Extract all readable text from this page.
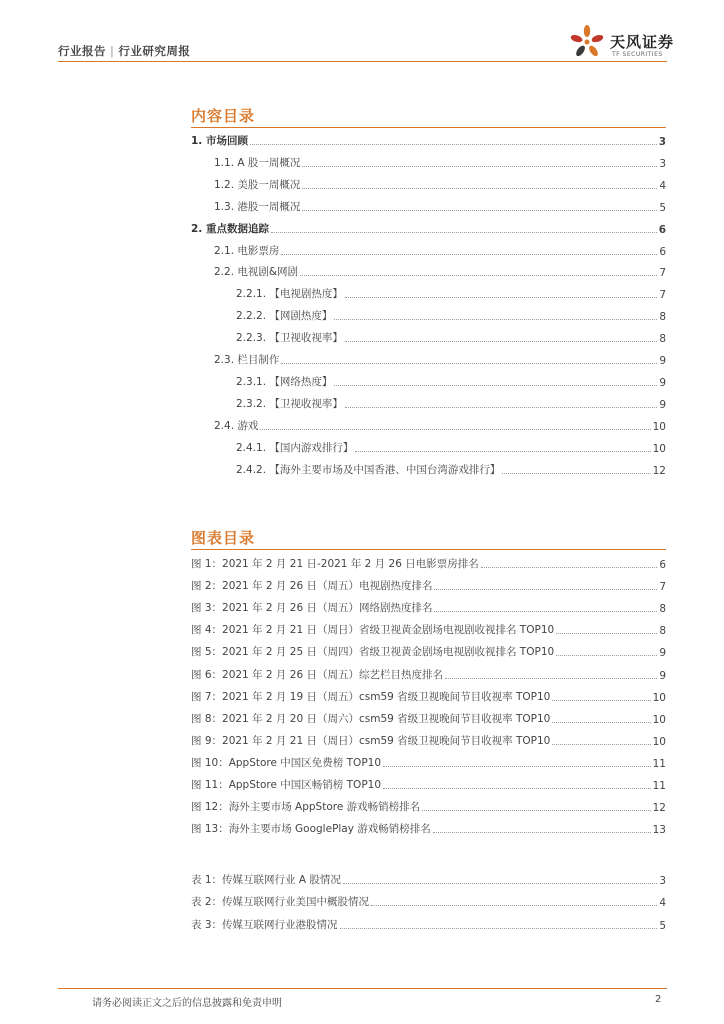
行业报告 | 行业研究周报	天风证券
TF SECURITIES
内容目录
1. 市场回顾	3
1.1. A 股一周概况	3
1.2. 美股一周概况	4
1.3. 港股一周概况	5
2. 重点数据追踪	6
2.1. 电影票房	6
2.2. 电视剧&网剧	7
2.2.1. 【电视剧热度】	7
2.2.2. 【网剧热度】	8
2.2.3. 【卫视收视率】	8
2.3. 栏目制作	9
2.3.1. 【网络热度】	9
2.3.2. 【卫视收视率】	9
2.4. 游戏	10
2.4.1. 【国内游戏排行】	10
2.4.2. 【海外主要市场及中国香港、中国台湾游戏排行】	12
图表目录
图 1：2021 年 2 月 21 日-2021 年 2 月 26 日电影票房排名	6
图 2：2021 年 2 月 26 日（周五）电视剧热度排名	7
图 3：2021 年 2 月 26 日（周五）网络剧热度排名	8
图 4：2021 年 2 月 21 日（周日）省级卫视黄金剧场电视剧收视排名 TOP10	8
图 5：2021 年 2 月 25 日（周四）省级卫视黄金剧场电视剧收视排名 TOP10	9
图 6：2021 年 2 月 26 日（周五）综艺栏目热度排名	9
图 7：2021 年 2 月 19 日（周五）csm59 省级卫视晚间节目收视率 TOP10	10
图 8：2021 年 2 月 20 日（周六）csm59 省级卫视晚间节目收视率 TOP10	10
图 9：2021 年 2 月 21 日（周日）csm59 省级卫视晚间节目收视率 TOP10	10
图 10：AppStore 中国区免费榜 TOP10	11
图 11：AppStore 中国区畅销榜 TOP10	11
图 12：海外主要市场 AppStore 游戏畅销榜排名	12
图 13：海外主要市场 GooglePlay 游戏畅销榜排名	13
表 1：传媒互联网行业 A 股情况	3
表 2：传媒互联网行业美国中概股情况	4
表 3：传媒互联网行业港股情况	5
请务必阅读正文之后的信息披露和免责申明	2
